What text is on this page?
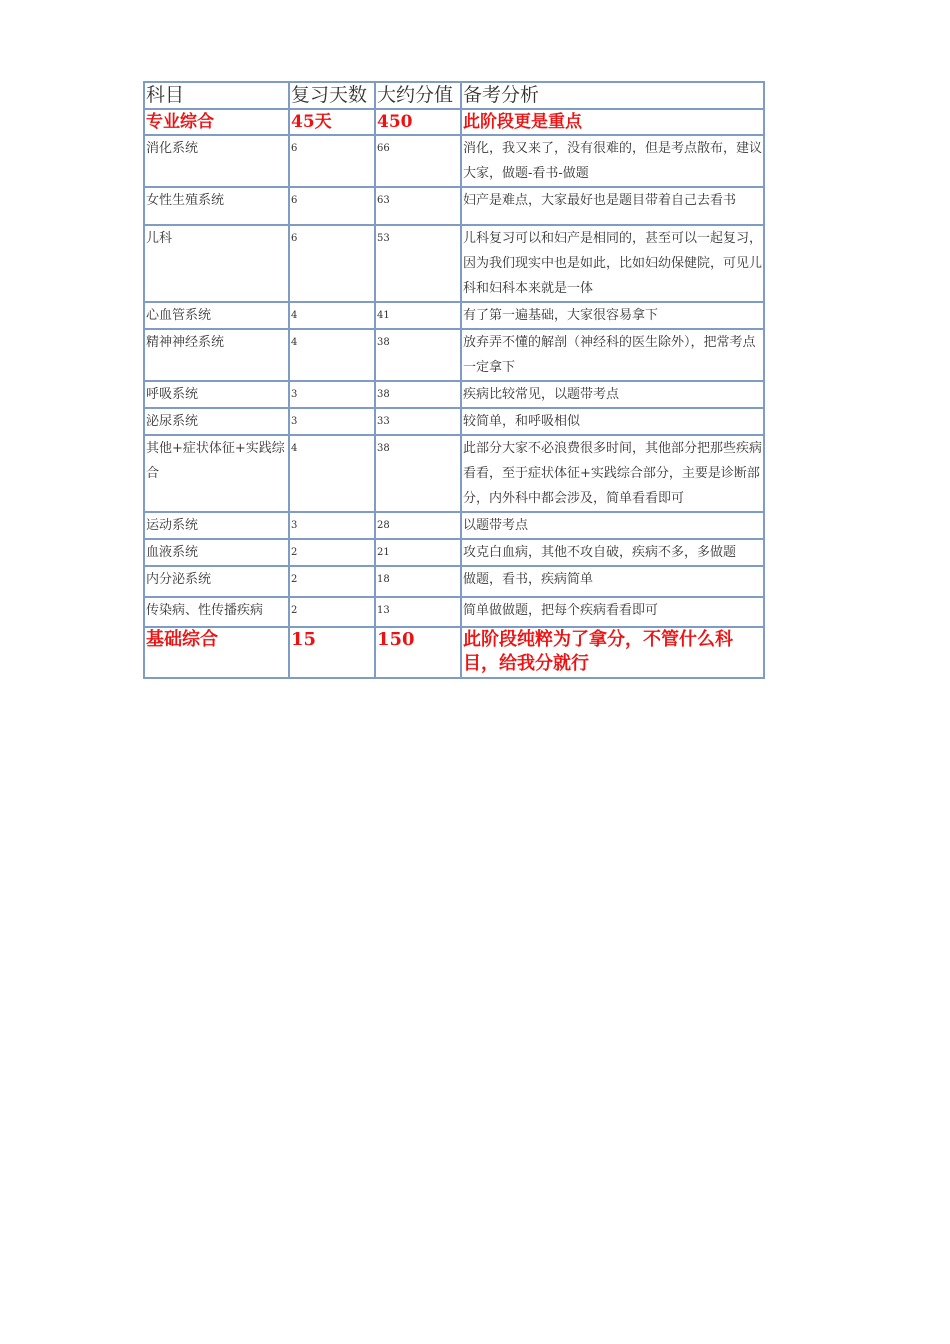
科目	复习天数	大约分值	备考分析
专业综合	45天	450	此阶段更是重点
消化系统	6	66	消化，我又来了，没有很难的，但是考点散布，建议大家，做题-看书-做题
女性生殖系统	6	63	妇产是难点，大家最好也是题目带着自己去看书
儿科	6	53	儿科复习可以和妇产是相同的，甚至可以一起复习，因为我们现实中也是如此，比如妇幼保健院，可见儿科和妇科本来就是一体
心血管系统	4	41	有了第一遍基础，大家很容易拿下
精神神经系统	4	38	放弃弄不懂的解剖（神经科的医生除外），把常考点一定拿下
呼吸系统	3	38	疾病比较常见，以题带考点
泌尿系统	3	33	较简单，和呼吸相似
其他+症状体征+实践综合	4	38	此部分大家不必浪费很多时间，其他部分把那些疾病看看，至于症状体征+实践综合部分，主要是诊断部分，内外科中都会涉及，简单看看即可
运动系统	3	28	以题带考点
血液系统	2	21	攻克白血病，其他不攻自破，疾病不多，多做题
内分泌系统	2	18	做题，看书，疾病简单
传染病、性传播疾病	2	13	简单做做题，把每个疾病看看即可
基础综合	15	150	此阶段纯粹为了拿分，不管什么科目，给我分就行
